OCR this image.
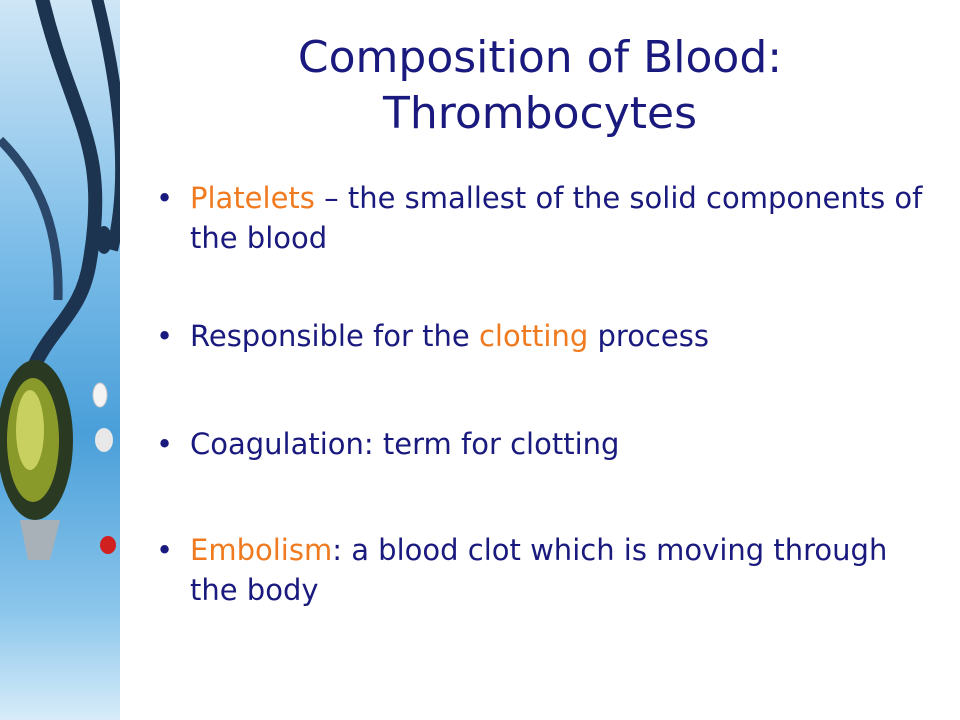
Composition of Blood:
Thrombocytes
• Platelets – the smallest of the solid components of the blood
• Responsible for the clotting process
• Coagulation: term for clotting
• Embolism: a blood clot which is moving through the body
